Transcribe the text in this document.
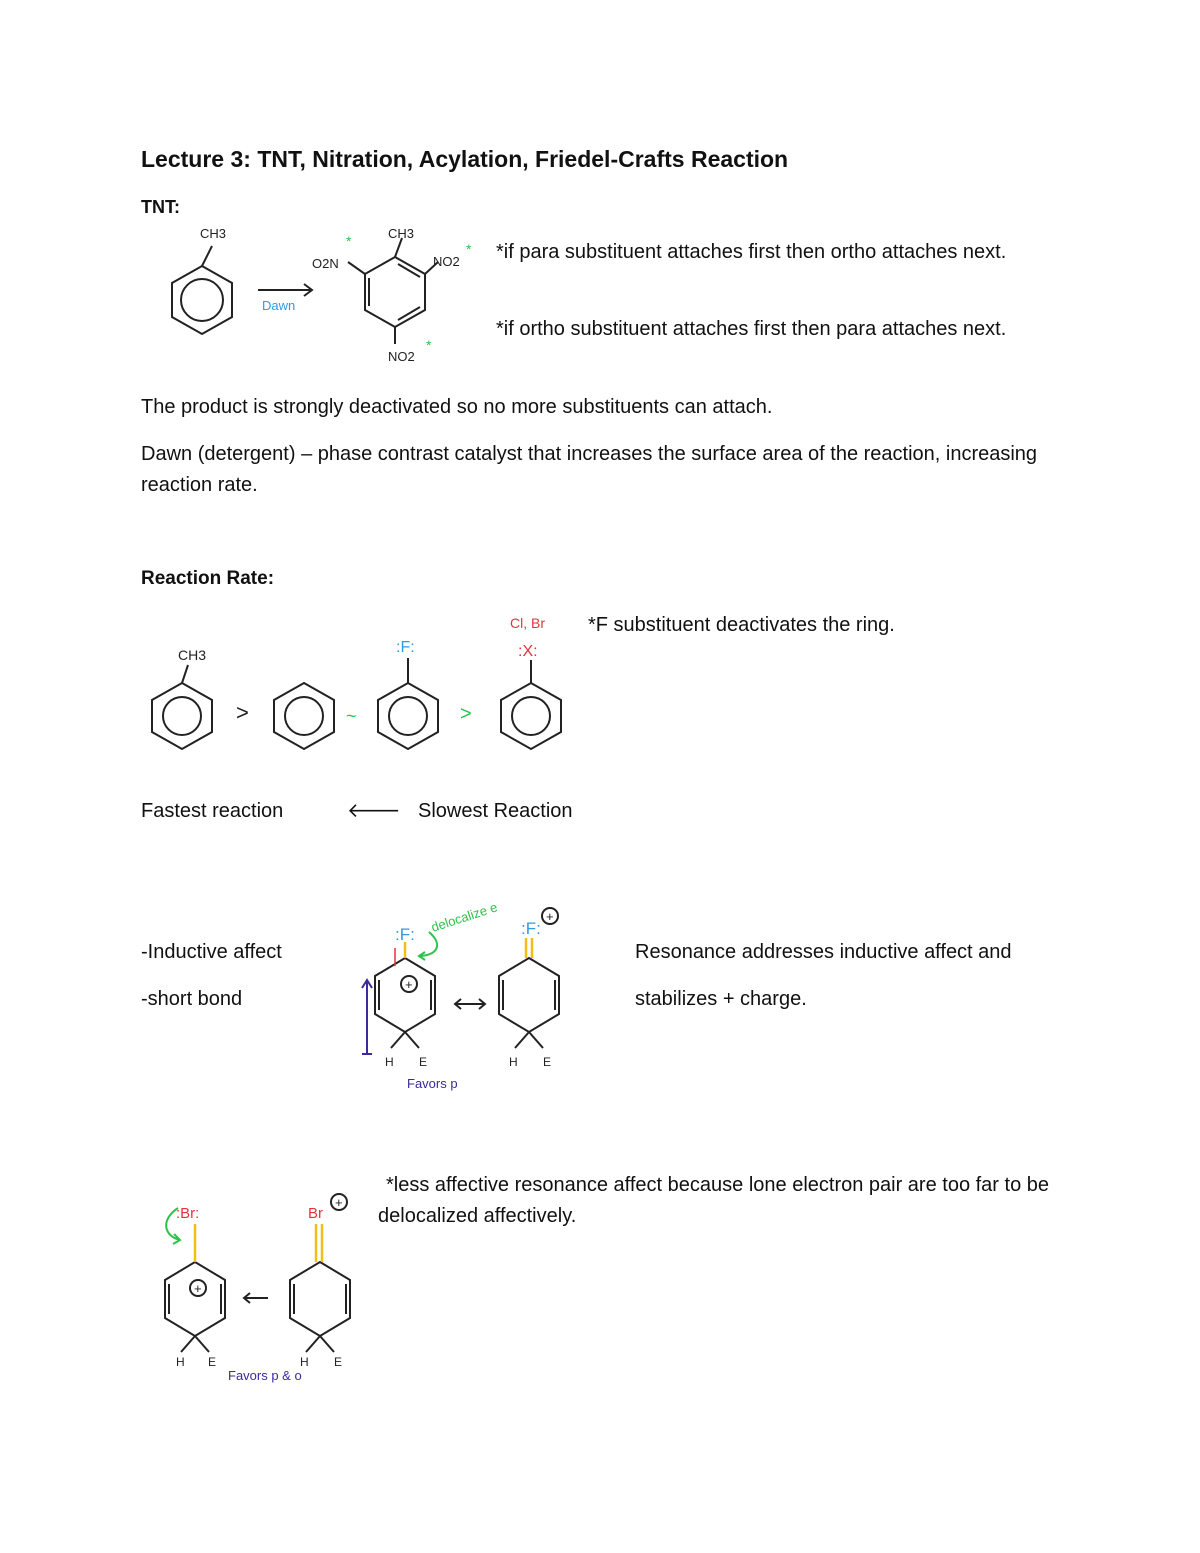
Lecture 3: TNT, Nitration, Acylation, Friedel-Crafts Reaction
TNT:
CH3
Dawn
CH3
O2N	NO2
NO2
*	*
*
*if para substituent attaches first then ortho attaches next.
*if ortho substituent attaches first then para attaches next.
The product is strongly deactivated so no more substituents can attach.
Dawn (detergent) – phase contrast catalyst that increases the surface area of the reaction, increasing reaction rate.
Reaction Rate:
CH3
>	~
:F:
>
Cl, Br
:X:
*F substituent deactivates the ring.
Fastest reaction	🡐 Slowest Reaction
-Inductive affect
-short bond
:F: delocalize e
+
+
:F:
H E	H E
Favors p
Resonance addresses inductive affect and
stabilizes + charge.
:Br:	Br
+
+
H E	H E
Favors p & o
*less affective resonance affect because lone electron pair are too far to be delocalized affectively.
